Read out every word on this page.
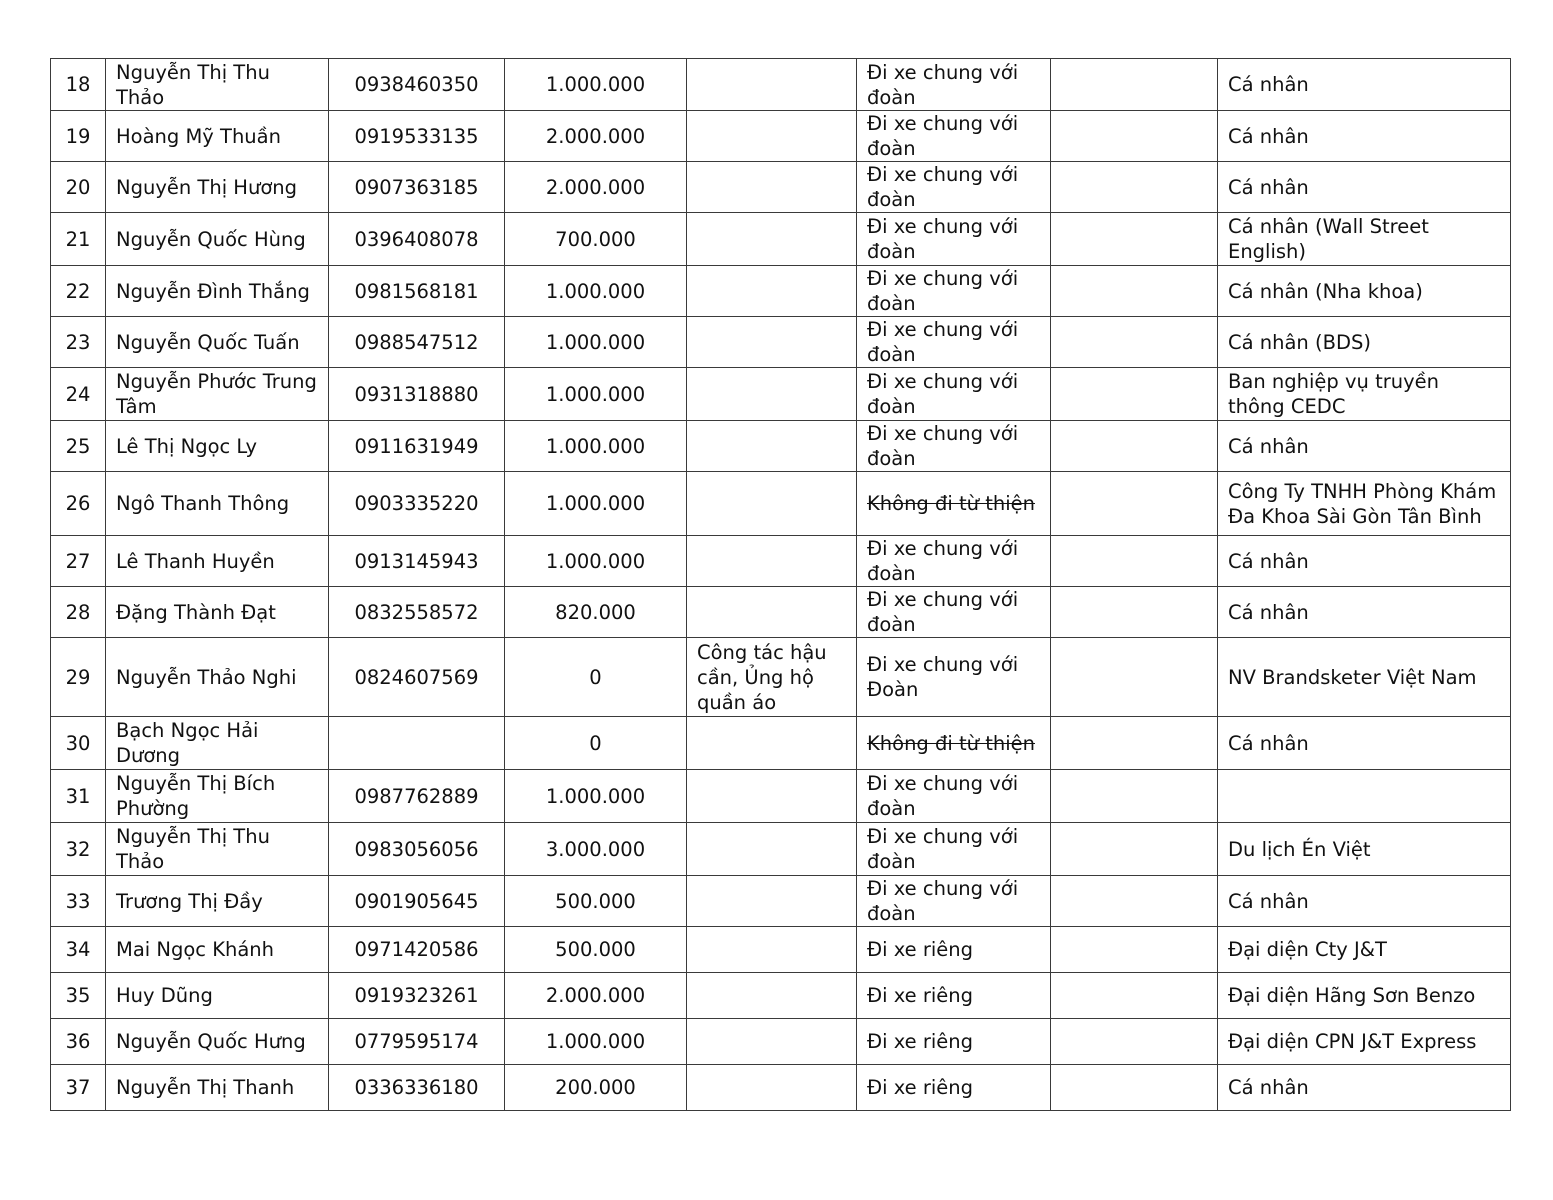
18	Nguyễn Thị Thu Thảo	0938460350	1.000.000		Đi xe chung với đoàn		Cá nhân
19	Hoàng Mỹ Thuần	0919533135	2.000.000		Đi xe chung với đoàn		Cá nhân
20	Nguyễn Thị Hương	0907363185	2.000.000		Đi xe chung với đoàn		Cá nhân
21	Nguyễn Quốc Hùng	0396408078	700.000		Đi xe chung với đoàn		Cá nhân (Wall Street English)
22	Nguyễn Đình Thắng	0981568181	1.000.000		Đi xe chung với đoàn		Cá nhân (Nha khoa)
23	Nguyễn Quốc Tuấn	0988547512	1.000.000		Đi xe chung với đoàn		Cá nhân (BDS)
24	Nguyễn Phước Trung Tâm	0931318880	1.000.000		Đi xe chung với đoàn		Ban nghiệp vụ truyền thông CEDC
25	Lê Thị Ngọc Ly	0911631949	1.000.000		Đi xe chung với đoàn		Cá nhân
26	Ngô Thanh Thông	0903335220	1.000.000		Không đi từ thiện		Công Ty TNHH Phòng Khám Đa Khoa Sài Gòn Tân Bình
27	Lê Thanh Huyền	0913145943	1.000.000		Đi xe chung với đoàn		Cá nhân
28	Đặng Thành Đạt	0832558572	820.000		Đi xe chung với đoàn		Cá nhân
29	Nguyễn Thảo Nghi	0824607569	0	Công tác hậu cần, Ủng hộ quần áo	Đi xe chung với Đoàn		NV Brandsketer Việt Nam
30	Bạch Ngọc Hải Dương		0		Không đi từ thiện		Cá nhân
31	Nguyễn Thị Bích Phường	0987762889	1.000.000		Đi xe chung với đoàn		
32	Nguyễn Thị Thu Thảo	0983056056	3.000.000		Đi xe chung với đoàn		Du lịch Én Việt
33	Trương Thị Đầy	0901905645	500.000		Đi xe chung với đoàn		Cá nhân
34	Mai Ngọc Khánh	0971420586	500.000		Đi xe riêng		Đại diện Cty J&T
35	Huy Dũng	0919323261	2.000.000		Đi xe riêng		Đại diện Hãng Sơn Benzo
36	Nguyễn Quốc Hưng	0779595174	1.000.000		Đi xe riêng		Đại diện CPN J&T Express
37	Nguyễn Thị Thanh	0336336180	200.000		Đi xe riêng		Cá nhân
